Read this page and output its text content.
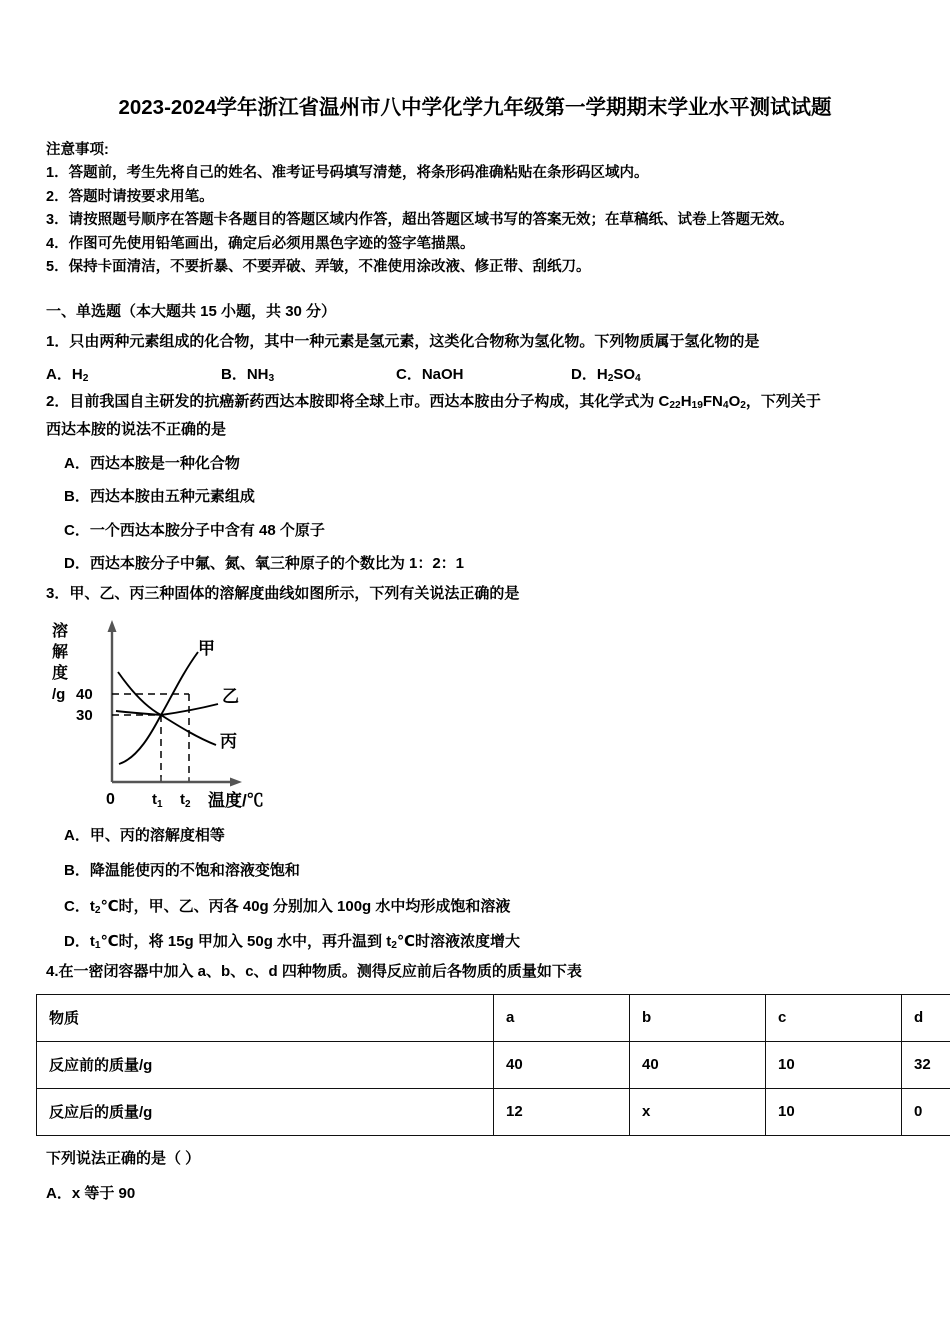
2023-2024学年浙江省温州市八中学化学九年级第一学期期末学业水平测试试题
注意事项:
1．答题前，考生先将自己的姓名、准考证号码填写清楚，将条形码准确粘贴在条形码区域内。
2．答题时请按要求用笔。
3．请按照题号顺序在答题卡各题目的答题区域内作答，超出答题区域书写的答案无效；在草稿纸、试卷上答题无效。
4．作图可先使用铅笔画出，确定后必须用黑色字迹的签字笔描黑。
5．保持卡面清洁，不要折暴、不要弄破、弄皱，不准使用涂改液、修正带、刮纸刀。
一、单选题（本大题共 15 小题，共 30 分）
1．只由两种元素组成的化合物，其中一种元素是氢元素，这类化合物称为氢化物。下列物质属于氢化物的是
A．$H_2$	B．$NH_3$	C．NaOH	D．$H_2SO_4$
2．目前我国自主研发的抗癌新药西达本胺即将全球上市。西达本胺由分子构成，其化学式为 $C_{22}H_{19}FN_4O_2$，下列关于
西达本胺的说法不正确的是
A．西达本胺是一种化合物
B．西达本胺由五种元素组成
C．一个西达本胺分子中含有 48 个原子
D．西达本胺分子中氟、氮、氧三种原子的个数比为 1：2：1
3．甲、乙、丙三种固体的溶解度曲线如图所示，下列有关说法正确的是
溶
解
度
/g 40
30
甲
乙
丙
0 $t_1$ $t_2$ 温度/℃
A．甲、丙的溶解度相等
B．降温能使丙的不饱和溶液变饱和
C．$t_2℃$时，甲、乙、丙各 40g 分别加入 100g 水中均形成饱和溶液
D．$t_1℃$时，将 15g 甲加入 50g 水中，再升温到 $t_2℃$时溶液浓度增大
4.在一密闭容器中加入 a、b、c、d 四种物质。测得反应前后各物质的质量如下表
物质	a	b	c	d
反应前的质量/g	40	40	10	32
反应后的质量/g	12	x	10	0
下列说法正确的是（ ）
A．x 等于 90
